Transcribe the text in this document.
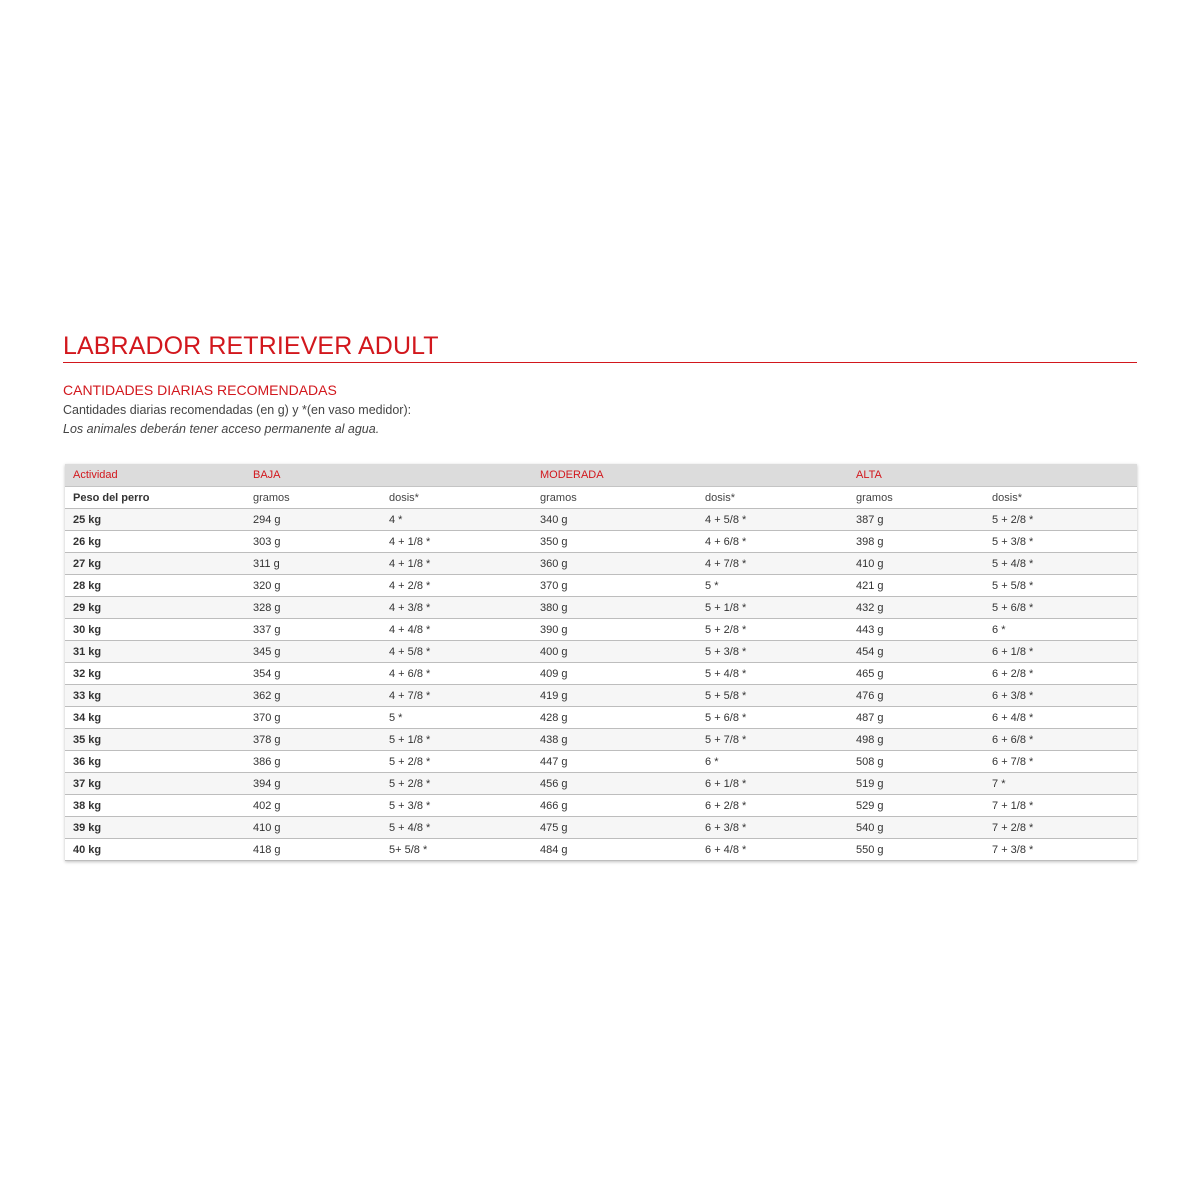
LABRADOR RETRIEVER ADULT
CANTIDADES DIARIAS RECOMENDADAS
Cantidades diarias recomendadas (en g) y *(en vaso medidor):
Los animales deberán tener acceso permanente al agua.
Actividad	BAJA		MODERADA		ALTA	
Peso del perro	gramos	dosis*	gramos	dosis*	gramos	dosis*
25 kg	294 g	4 *	340 g	4 + 5/8 *	387 g	5 + 2/8 *
26 kg	303 g	4 + 1/8 *	350 g	4 + 6/8 *	398 g	5 + 3/8 *
27 kg	311 g	4 + 1/8 *	360 g	4 + 7/8 *	410 g	5 + 4/8 *
28 kg	320 g	4 + 2/8 *	370 g	5 *	421 g	5 + 5/8 *
29 kg	328 g	4 + 3/8 *	380 g	5 + 1/8 *	432 g	5 + 6/8 *
30 kg	337 g	4 + 4/8 *	390 g	5 + 2/8 *	443 g	6 *
31 kg	345 g	4 + 5/8 *	400 g	5 + 3/8 *	454 g	6 + 1/8 *
32 kg	354 g	4 + 6/8 *	409 g	5 + 4/8 *	465 g	6 + 2/8 *
33 kg	362 g	4 + 7/8 *	419 g	5 + 5/8 *	476 g	6 + 3/8 *
34 kg	370 g	5 *	428 g	5 + 6/8 *	487 g	6 + 4/8 *
35 kg	378 g	5 + 1/8 *	438 g	5 + 7/8 *	498 g	6 + 6/8 *
36 kg	386 g	5 + 2/8 *	447 g	6 *	508 g	6 + 7/8 *
37 kg	394 g	5 + 2/8 *	456 g	6 + 1/8 *	519 g	7 *
38 kg	402 g	5 + 3/8 *	466 g	6 + 2/8 *	529 g	7 + 1/8 *
39 kg	410 g	5 + 4/8 *	475 g	6 + 3/8 *	540 g	7 + 2/8 *
40 kg	418 g	5+ 5/8 *	484 g	6 + 4/8 *	550 g	7 + 3/8 *
